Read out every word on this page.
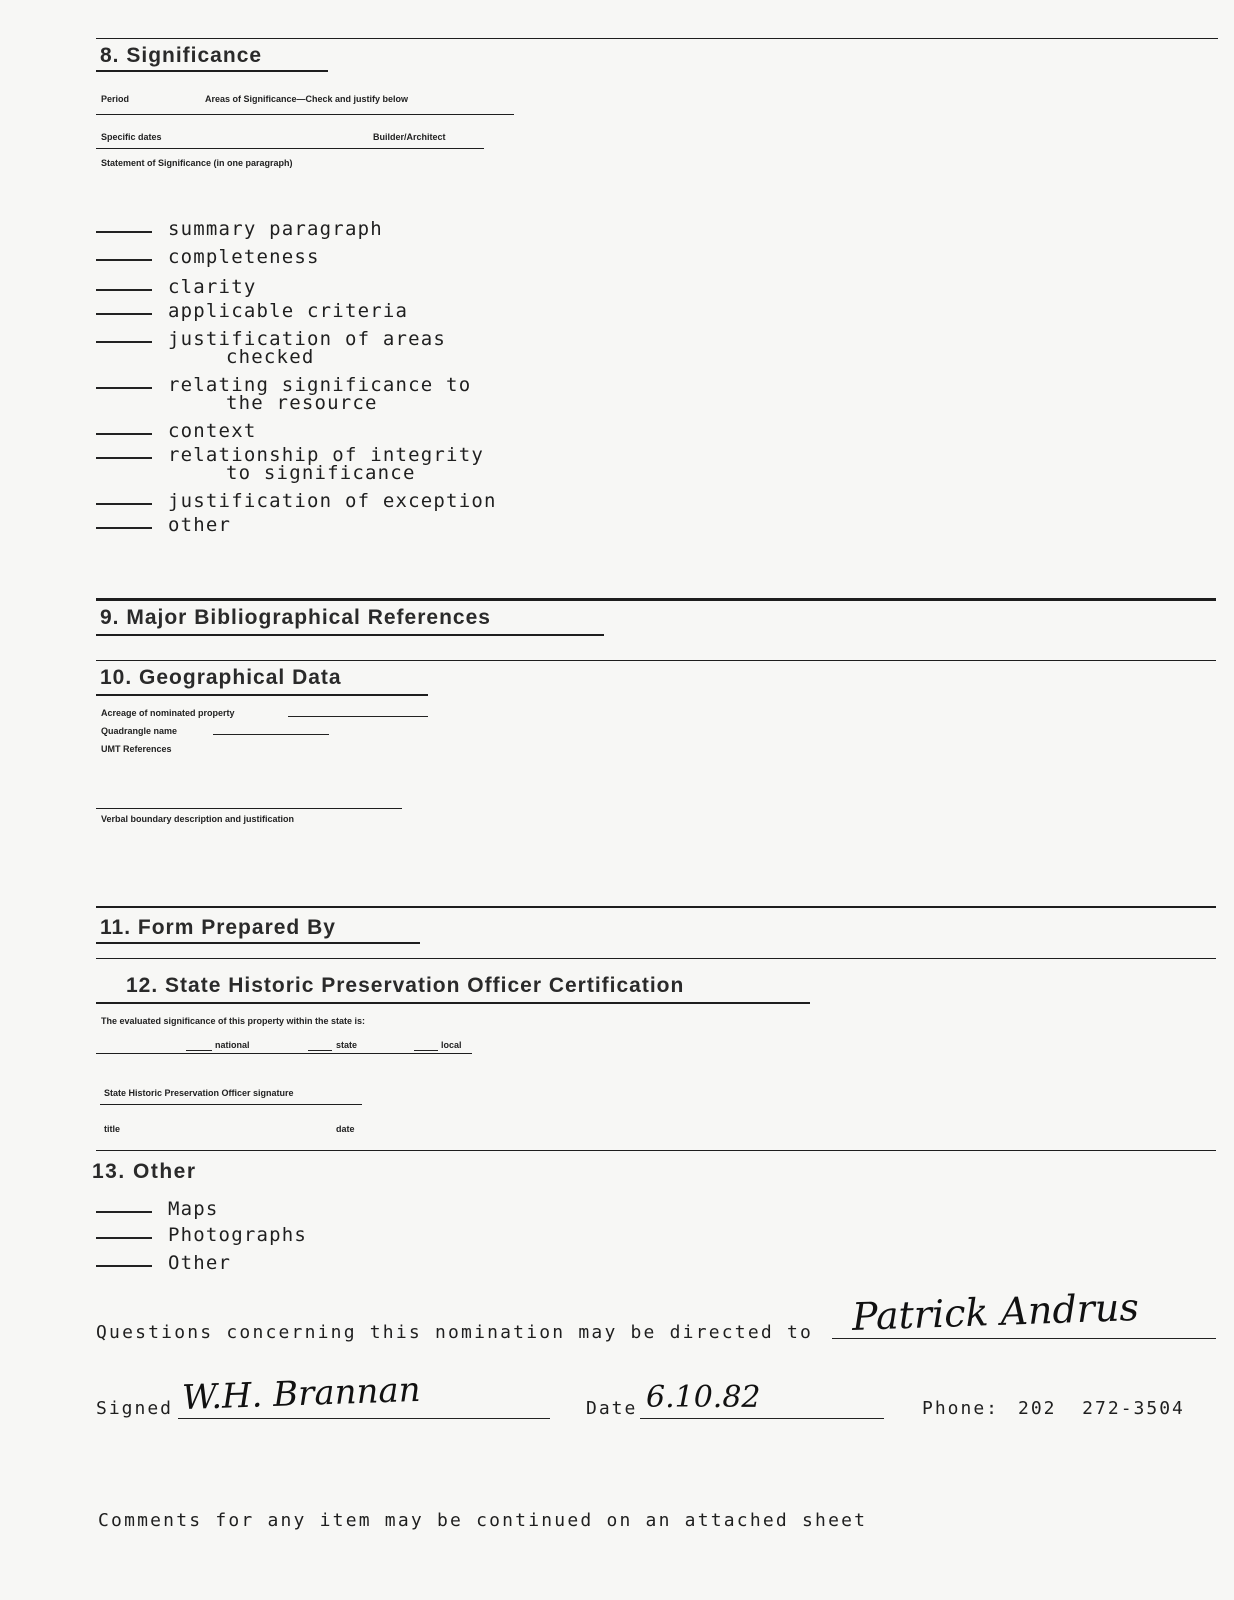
8. Significance
Period	Areas of Significance—Check and justify below
Specific dates	Builder/Architect
Statement of Significance (in one paragraph)
summary paragraph
completeness
clarity
applicable criteria
justification of areas
checked
relating significance to
the resource
context
relationship of integrity
to significance
justification of exception
other
9. Major Bibliographical References
10. Geographical Data
Acreage of nominated property
Quadrangle name
UMT References
Verbal boundary description and justification
11. Form Prepared By
12. State Historic Preservation Officer Certification
The evaluated significance of this property within the state is:
national	state	local
State Historic Preservation Officer signature
title	date
13. Other
Maps
Photographs
Other
Questions concerning this nomination may be directed to Patrick Andrus
Signed W.H. Brannan	Date 6.10.82	Phone: 202  272-3504
Comments for any item may be continued on an attached sheet
